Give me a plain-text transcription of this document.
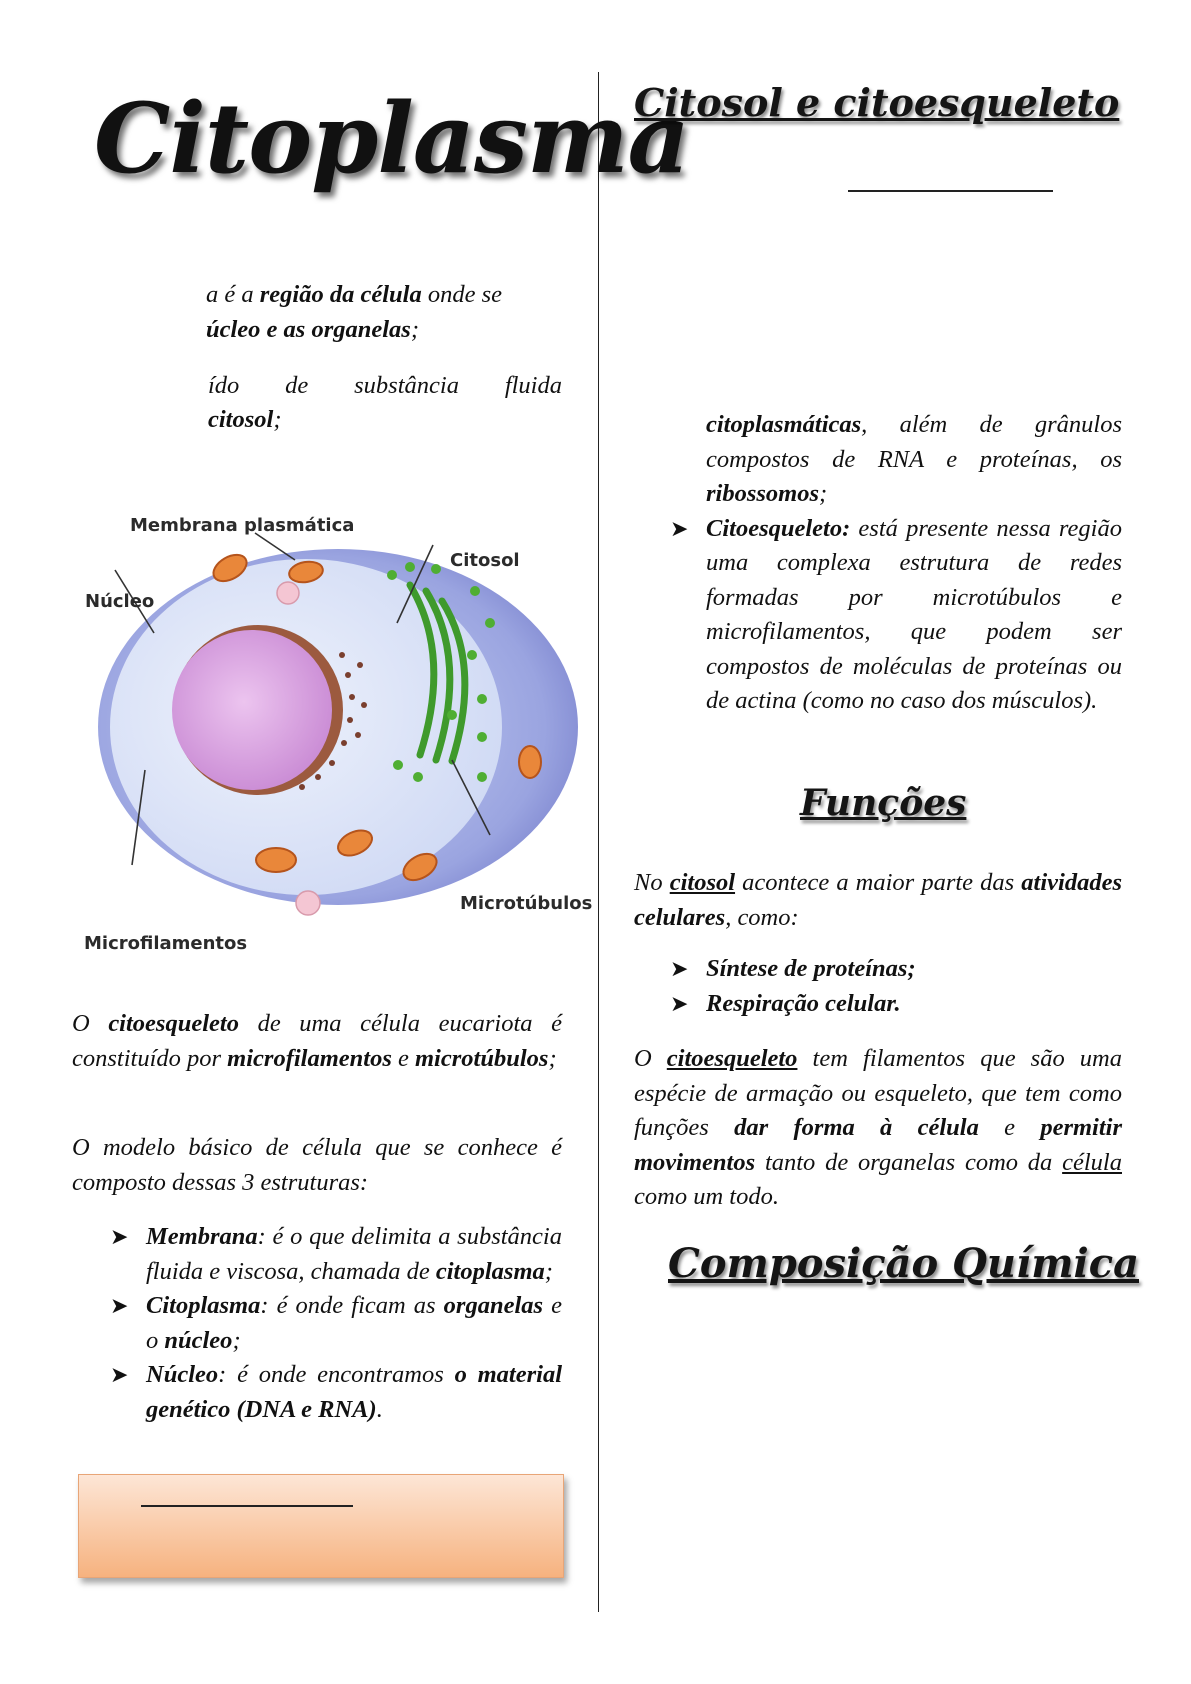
Citoplasma

a é a região da célula onde se
úcleo e as organelas;

ído de substância fluida

citosol;

Membrana plasmática
Citosol
Núcleo
Microtúbulos
Microfilamentos

O citoesqueleto de uma célula eucariota é constituído por microfilamentos e microtúbulos;

O modelo básico de célula que se conhece é composto dessas 3 estruturas:

➤ Membrana: é o que delimita a substância fluida e viscosa, chamada de citoplasma;

➤ Citoplasma: é onde ficam as organelas e o núcleo;

➤ Núcleo: é onde encontramos o material genético (DNA e RNA).

Citosol e citoesqueleto

citoplasmáticas, além de grânulos compostos de RNA e proteínas, os ribossomos;

➤ Citoesqueleto: está presente nessa região uma complexa estrutura de redes formadas por microtúbulos e microfilamentos, que podem ser compostos de moléculas de proteínas ou de actina (como no caso dos músculos).

Funções

No citosol acontece a maior parte das atividades celulares, como:

➤ Síntese de proteínas;

➤ Respiração celular.

O citoesqueleto tem filamentos que são uma espécie de armação ou esqueleto, que tem como funções dar forma à célula e permitir movimentos tanto de organelas como da célula como um todo.

Composição Química
